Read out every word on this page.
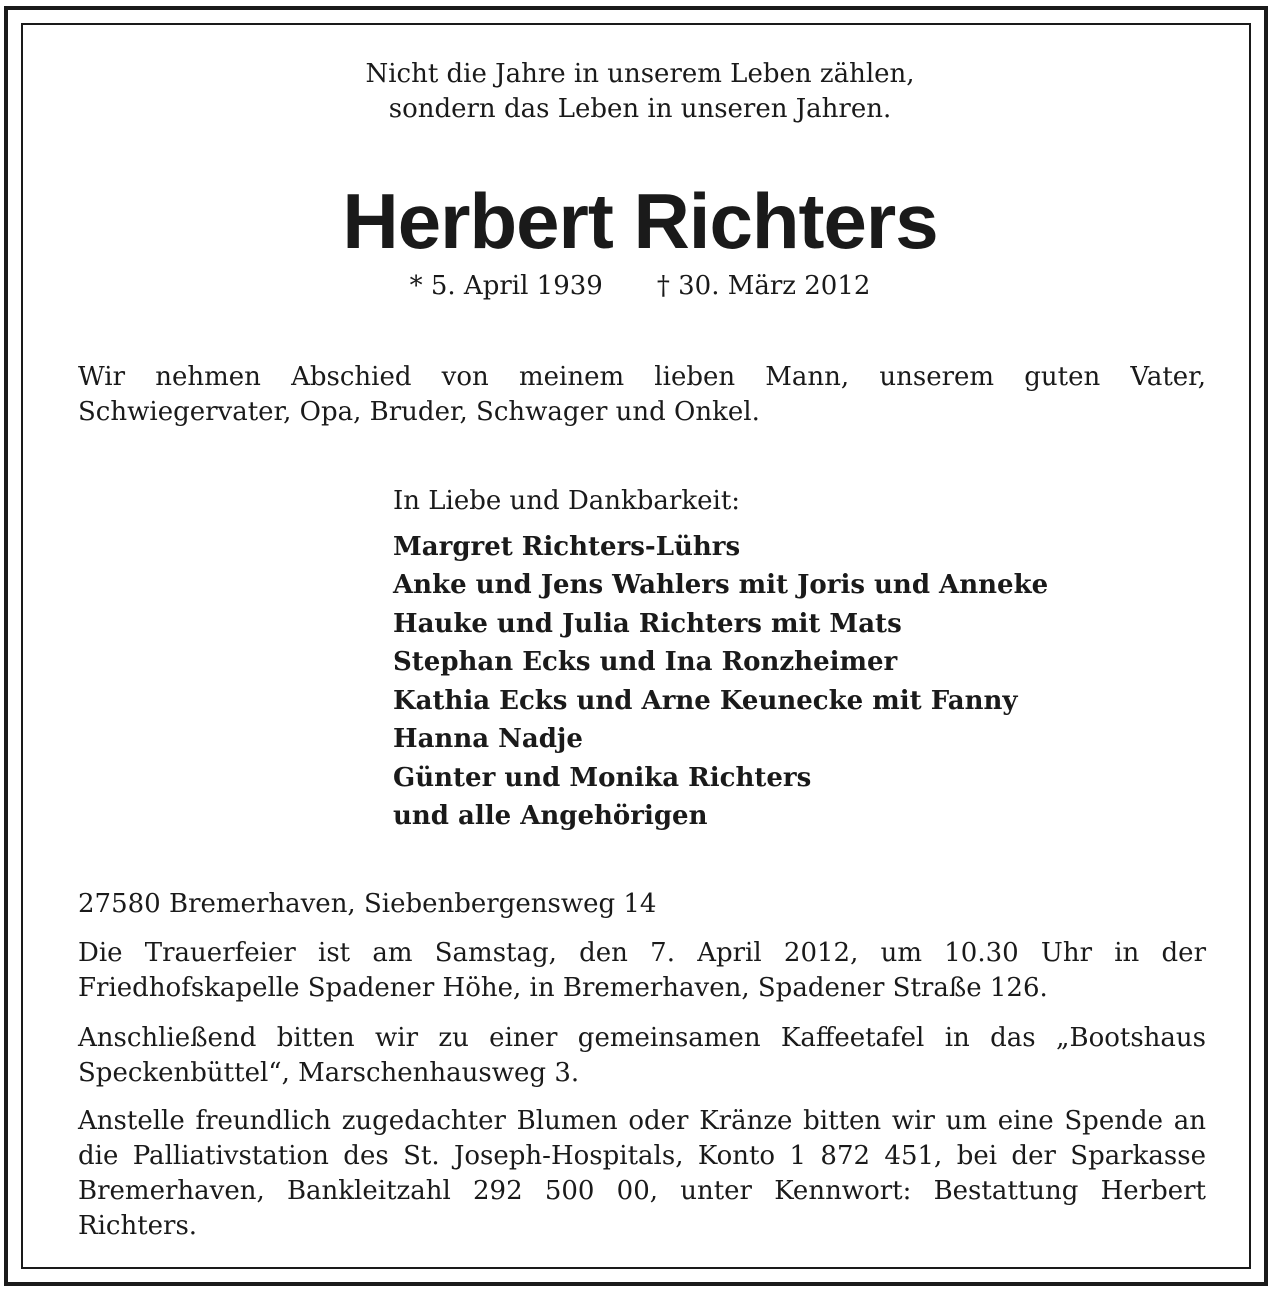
Nicht die Jahre in unserem Leben zählen,
sondern das Leben in unseren Jahren.
Herbert Richters
* 5. April 1939 † 30. März 2012

Wir nehmen Abschied von meinem lieben Mann, unserem guten Vater, Schwiegervater, Opa, Bruder, Schwager und Onkel.

In Liebe und Dankbarkeit:
Margret Richters-Lührs
Anke und Jens Wahlers mit Joris und Anneke
Hauke und Julia Richters mit Mats
Stephan Ecks und Ina Ronzheimer
Kathia Ecks und Arne Keunecke mit Fanny
Hanna Nadje
Günter und Monika Richters
und alle Angehörigen

27580 Bremerhaven, Siebenbergensweg 14

Die Trauerfeier ist am Samstag, den 7. April 2012, um 10.30 Uhr in der Friedhofskapelle Spadener Höhe, in Bremerhaven, Spadener Straße 126.

Anschließend bitten wir zu einer gemeinsamen Kaffeetafel in das „Bootshaus Speckenbüttel“, Marschenhausweg 3.

Anstelle freundlich zugedachter Blumen oder Kränze bitten wir um eine Spende an die Palliativstation des St. Joseph-Hospitals, Konto 1 872 451, bei der Sparkasse Bremerhaven, Bankleitzahl 292 500 00, unter Kennwort: Bestattung Herbert Richters.
